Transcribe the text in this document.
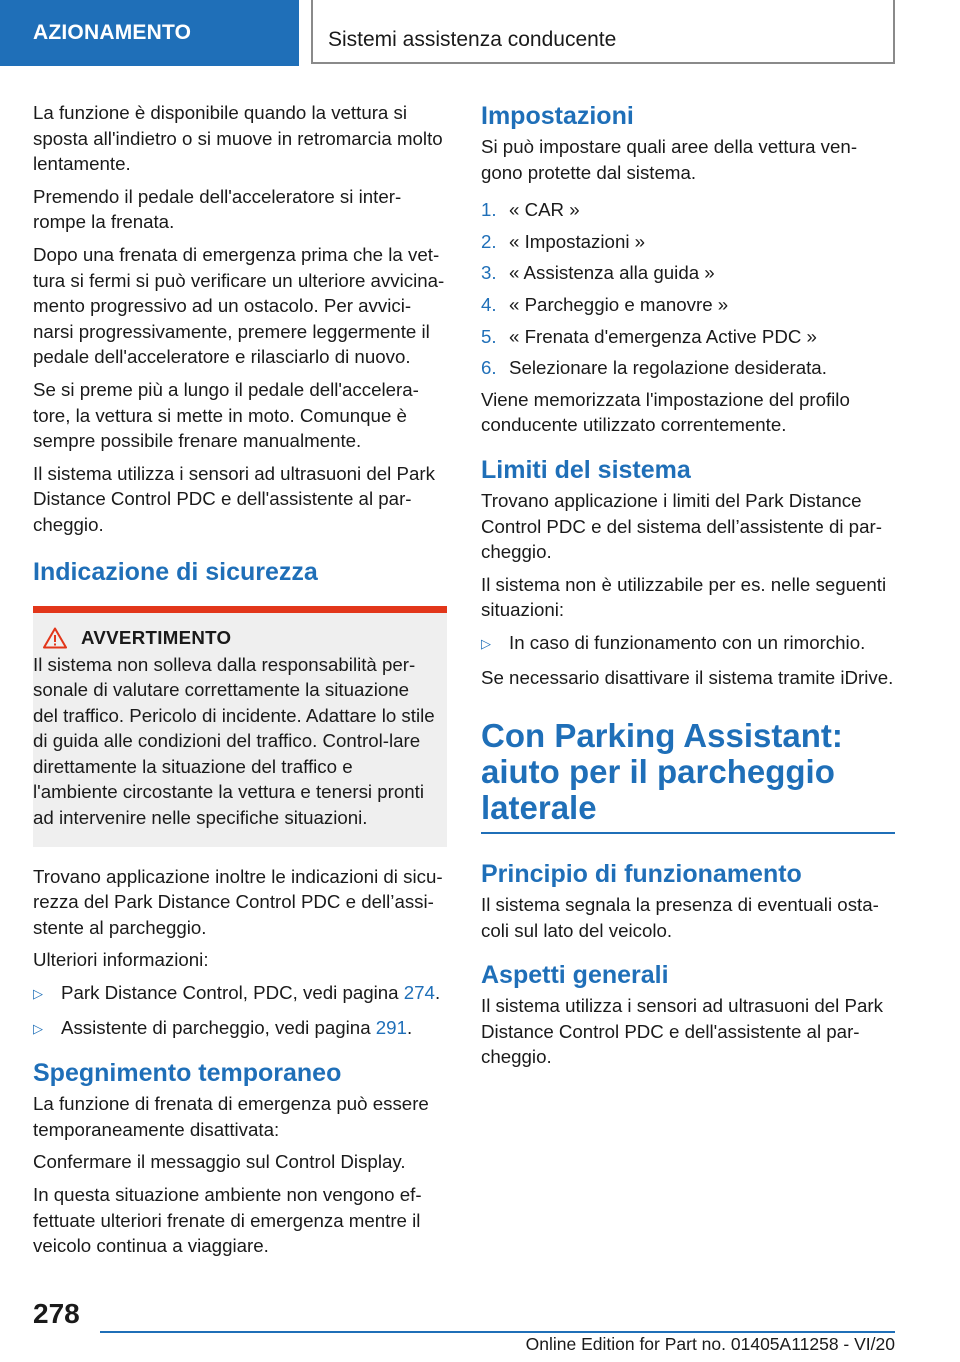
AZIONAMENTO	Sistemi assistenza conducente

La funzione è disponibile quando la vettura si sposta all'indietro o si muove in retromarcia molto lentamente.

Premendo il pedale dell'acceleratore si inter-rompe la frenata.

Dopo una frenata di emergenza prima che la vet-tura si fermi si può verificare un ulteriore avvicina-mento progressivo ad un ostacolo. Per avvici-narsi progressivamente, premere leggermente il pedale dell'acceleratore e rilasciarlo di nuovo.

Se si preme più a lungo il pedale dell'accelera-tore, la vettura si mette in moto. Comunque è sempre possibile frenare manualmente.

Il sistema utilizza i sensori ad ultrasuoni del Park Distance Control PDC e dell'assistente al par-cheggio.

Indicazione di sicurezza
AVVERTIMENTO

Il sistema non solleva dalla responsabilità per-sonale di valutare correttamente la situazione del traffico. Pericolo di incidente. Adattare lo stile di guida alle condizioni del traffico. Control-lare direttamente la situazione del traffico e l'ambiente circostante la vettura e tenersi pronti ad intervenire nelle specifiche situazioni.

Trovano applicazione inoltre le indicazioni di sicu-rezza del Park Distance Control PDC e dell’assi-stente al parcheggio.

Ulteriori informazioni:

▷ Park Distance Control, PDC, vedi pagina 274.
▷ Assistente di parcheggio, vedi pagina 291.
Spegnimento temporaneo

La funzione di frenata di emergenza può essere temporaneamente disattivata:

Confermare il messaggio sul Control Display.

In questa situazione ambiente non vengono ef-fettuate ulteriori frenate di emergenza mentre il veicolo continua a viaggiare.

Impostazioni

Si può impostare quali aree della vettura ven-gono protette dal sistema.

1. « CAR »
2. « Impostazioni »
3. « Assistenza alla guida »
4. « Parcheggio e manovre »
5. « Frenata d'emergenza Active PDC »
6. Selezionare la regolazione desiderata.

Viene memorizzata l'impostazione del profilo conducente utilizzato correntemente.

Limiti del sistema

Trovano applicazione i limiti del Park Distance Control PDC e del sistema dell’assistente di par-cheggio.

Il sistema non è utilizzabile per es. nelle seguenti situazioni:

▷ In caso di funzionamento con un rimorchio.

Se necessario disattivare il sistema tramite iDrive.

Con Parking Assistant: aiuto per il parcheggio laterale
Principio di funzionamento

Il sistema segnala la presenza di eventuali osta-coli sul lato del veicolo.

Aspetti generali

Il sistema utilizza i sensori ad ultrasuoni del Park Distance Control PDC e dell'assistente al par-cheggio.

278
Online Edition for Part no. 01405A11258 - VI/20
